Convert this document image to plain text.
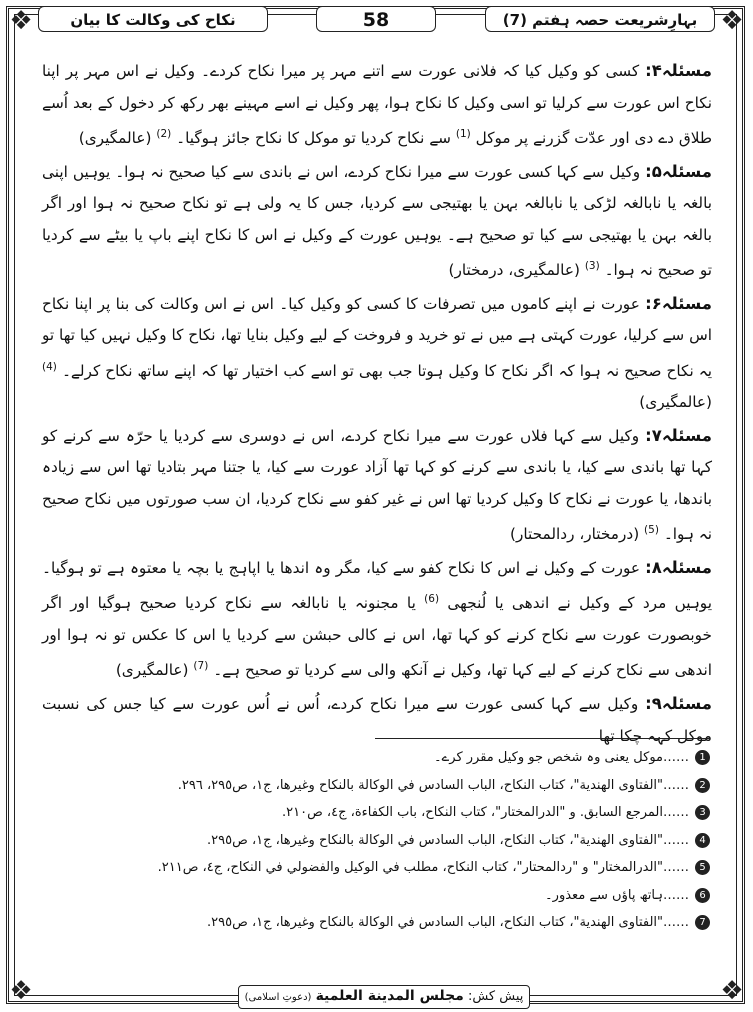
❖	❖
❖	❖
بہارِشریعت حصہ ہفتم (7)
58
نکاح کی وکالت کا بیان

مسئلہ۴: کسی کو وکیل کیا کہ فلانی عورت سے اتنے مہر پر میرا نکاح کردے۔ وکیل نے اس مہر پر اپنا نکاح اس عورت سے کرلیا تو اسی وکیل کا نکاح ہوا، پھر وکیل نے اسے مہینے بھر رکھ کر دخول کے بعد اُسے طلاق دے دی اور عدّت گزرنے پر موکل $^{(1)}$ سے نکاح کردیا تو موکل کا نکاح جائز ہوگیا۔ $^{(2)}$ (عالمگیری)

مسئلہ۵: وکیل سے کہا کسی عورت سے میرا نکاح کردے، اس نے باندی سے کیا صحیح نہ ہوا۔ یوہیں اپنی بالغہ یا نابالغہ لڑکی یا نابالغہ بہن یا بھتیجی سے کردیا، جس کا یہ ولی ہے تو نکاح صحیح نہ ہوا اور اگر بالغہ بہن یا بھتیجی سے کیا تو صحیح ہے۔ یوہیں عورت کے وکیل نے اس کا نکاح اپنے باپ یا بیٹے سے کردیا تو صحیح نہ ہوا۔ $^{(3)}$ (عالمگیری، درمختار)

مسئلہ۶: عورت نے اپنے کاموں میں تصرفات کا کسی کو وکیل کیا۔ اس نے اس وکالت کی بنا پر اپنا نکاح اس سے کرلیا، عورت کہتی ہے میں نے تو خرید و فروخت کے لیے وکیل بنایا تھا، نکاح کا وکیل نہیں کیا تھا تو یہ نکاح صحیح نہ ہوا کہ اگر نکاح کا وکیل ہوتا جب بھی تو اسے کب اختیار تھا کہ اپنے ساتھ نکاح کرلے۔ $^{(4)}$ (عالمگیری)

مسئلہ۷: وکیل سے کہا فلاں عورت سے میرا نکاح کردے، اس نے دوسری سے کردیا یا حرّہ سے کرنے کو کہا تھا باندی سے کیا، یا باندی سے کرنے کو کہا تھا آزاد عورت سے کیا، یا جتنا مہر بتادیا تھا اس سے زیادہ باندھا، یا عورت نے نکاح کا وکیل کردیا تھا اس نے غیر کفو سے نکاح کردیا، ان سب صورتوں میں نکاح صحیح نہ ہوا۔ $^{(5)}$ (درمختار، ردالمحتار)

مسئلہ۸: عورت کے وکیل نے اس کا نکاح کفو سے کیا، مگر وہ اندھا یا اپاہج یا بچہ یا معتوہ ہے تو ہوگیا۔ یوہیں مرد کے وکیل نے اندھی یا لُنجھی $^{(6)}$ یا مجنونہ یا نابالغہ سے نکاح کردیا صحیح ہوگیا اور اگر خوبصورت عورت سے نکاح کرنے کو کہا تھا، اس نے کالی حبشن سے کردیا یا اس کا عکس تو نہ ہوا اور اندھی سے نکاح کرنے کے لیے کہا تھا، وکیل نے آنکھ والی سے کردیا تو صحیح ہے۔ $^{(7)}$ (عالمگیری)

مسئلہ۹: وکیل سے کہا کسی عورت سے میرا نکاح کردے، اُس نے اُس عورت سے کیا جس کی نسبت موکل کہہ چکا تھا

1……موکل یعنی وہ شخص جو وکیل مقرر کرے۔
2……"الفتاوى الهندية"، كتاب النكاح، الباب السادس في الوكالة بالنكاح وغيرها، ج١، ص٢٩٥، ٢٩٦.
3……المرجع السابق. و "الدرالمختار"، كتاب النكاح، باب الكفاءة، ج٤، ص٢١٠.
4……"الفتاوى الهندية"، كتاب النكاح، الباب السادس في الوكالة بالنكاح وغيرها، ج١، ص٢٩٥.
5……"الدرالمختار" و "ردالمحتار"، كتاب النكاح، مطلب في الوكيل والفضولي في النكاح، ج٤، ص٢١١.
6……ہاتھ پاؤں سے معذور۔
7……"الفتاوى الهندية"، كتاب النكاح، الباب السادس في الوكالة بالنكاح وغيرها، ج١، ص٢٩٥.
پیش کش: مجلس المدينة العلمية (دعوتِ اسلامی)
